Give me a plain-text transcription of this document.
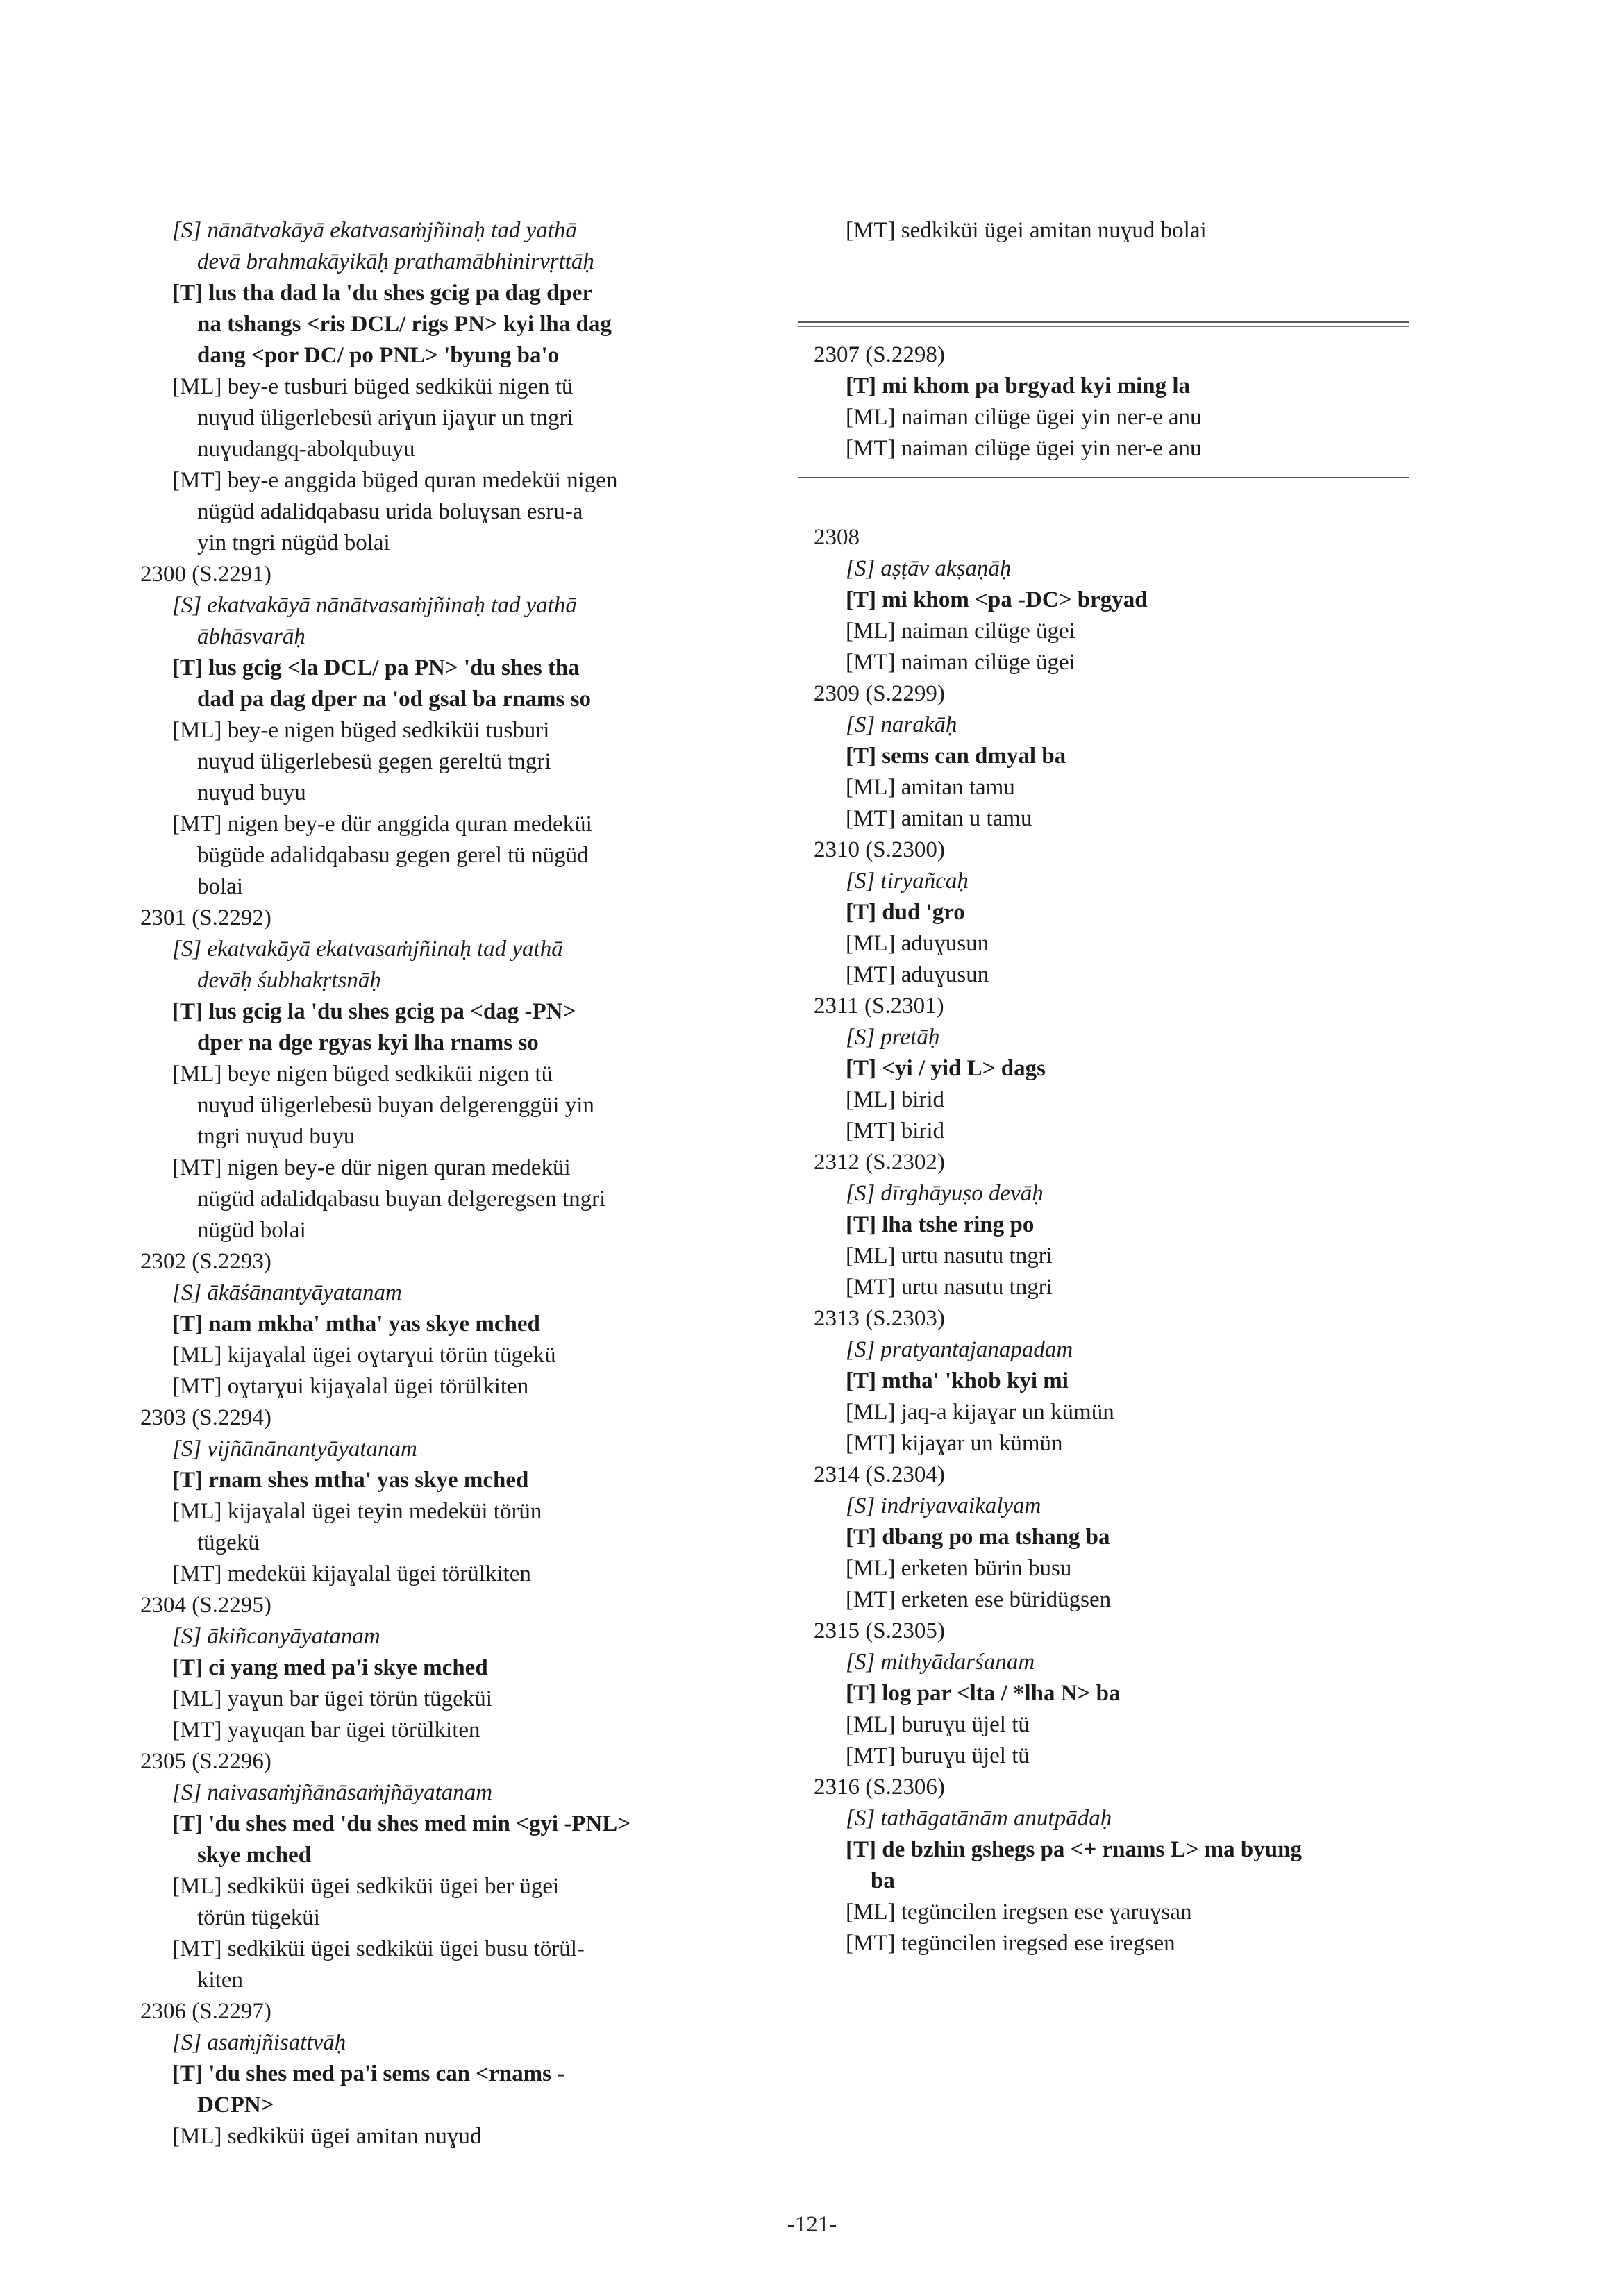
[S] nānātvakāyā ekatvasaṁjñinaḥ tad yathā
devā brahmakāyikāḥ prathamābhinirvṛttāḥ
[T] lus tha dad la 'du shes gcig pa dag dper
na tshangs <ris DCL/ rigs PN> kyi lha dag
dang <por DC/ po PNL> 'byung ba'o
[ML] bey-e tusburi büged sedkiküi nigen tü
nuɣud üligerlebesü ariɣun ijaɣur un tngri
nuɣudangq-abolqubuyu
[MT] bey-e anggida büged quran medeküi nigen
nügüd adalidqabasu urida boluɣsan esru-a
yin tngri nügüd bolai
2300 (S.2291)
[S] ekatvakāyā nānātvasaṁjñinaḥ tad yathā
ābhāsvarāḥ
[T] lus gcig <la DCL/ pa PN> 'du shes tha
dad pa dag dper na 'od gsal ba rnams so
[ML] bey-e nigen büged sedkiküi tusburi
nuɣud üligerlebesü gegen gereltü tngri
nuɣud buyu
[MT] nigen bey-e dür anggida quran medeküi
bügüde adalidqabasu gegen gerel tü nügüd
bolai
2301 (S.2292)
[S] ekatvakāyā ekatvasaṁjñinaḥ tad yathā
devāḥ śubhakṛtsnāḥ
[T] lus gcig la 'du shes gcig pa <dag -PN>
dper na dge rgyas kyi lha rnams so
[ML] beye nigen büged sedkiküi nigen tü
nuɣud üligerlebesü buyan delgerenggüi yin
tngri nuɣud buyu
[MT] nigen bey-e dür nigen quran medeküi
nügüd adalidqabasu buyan delgeregsen tngri
nügüd bolai
2302 (S.2293)
[S] ākāśānantyāyatanam
[T] nam mkha' mtha' yas skye mched
[ML] kijaɣalal ügei oɣtarɣui törün tügekü
[MT] oɣtarɣui kijaɣalal ügei törülkiten
2303 (S.2294)
[S] vijñānānantyāyatanam
[T] rnam shes mtha' yas skye mched
[ML] kijaɣalal ügei teyin medeküi törün
tügekü
[MT] medeküi kijaɣalal ügei törülkiten
2304 (S.2295)
[S] ākiñcanyāyatanam
[T] ci yang med pa'i skye mched
[ML] yaɣun bar ügei törün tügeküi
[MT] yaɣuqan bar ügei törülkiten
2305 (S.2296)
[S] naivasaṁjñānāsaṁjñāyatanam
[T] 'du shes med 'du shes med min <gyi -PNL>
skye mched
[ML] sedkiküi ügei sedkiküi ügei ber ügei
törün tügeküi
[MT] sedkiküi ügei sedkiküi ügei busu törül-
kiten
2306 (S.2297)
[S] asaṁjñisattvāḥ
[T] 'du shes med pa'i sems can <rnams -
DCPN>
[ML] sedkiküi ügei amitan nuɣud
[MT] sedkiküi ügei amitan nuɣud bolai
2307 (S.2298)
[T] mi khom pa brgyad kyi ming la
[ML] naiman cilüge ügei yin ner-e anu
[MT] naiman cilüge ügei yin ner-e anu
2308
[S] aṣṭāv akṣaṇāḥ
[T] mi khom <pa -DC> brgyad
[ML] naiman cilüge ügei
[MT] naiman cilüge ügei
2309 (S.2299)
[S] narakāḥ
[T] sems can dmyal ba
[ML] amitan tamu
[MT] amitan u tamu
2310 (S.2300)
[S] tiryañcaḥ
[T] dud 'gro
[ML] aduɣusun
[MT] aduɣusun
2311 (S.2301)
[S] pretāḥ
[T] <yi / yid L> dags
[ML] birid
[MT] birid
2312 (S.2302)
[S] dīrghāyuṣo devāḥ
[T] lha tshe ring po
[ML] urtu nasutu tngri
[MT] urtu nasutu tngri
2313 (S.2303)
[S] pratyantajanapadam
[T] mtha' 'khob kyi mi
[ML] jaq-a kijaɣar un kümün
[MT] kijaɣar un kümün
2314 (S.2304)
[S] indriyavaikalyam
[T] dbang po ma tshang ba
[ML] erketen bürin busu
[MT] erketen ese büridügsen
2315 (S.2305)
[S] mithyādarśanam
[T] log par <lta / *lha N> ba
[ML] buruɣu üjel tü
[MT] buruɣu üjel tü
2316 (S.2306)
[S] tathāgatānām anutpādaḥ
[T] de bzhin gshegs pa <+ rnams L> ma byung
ba
[ML] tegüncilen iregsen ese ɣaruɣsan
[MT] tegüncilen iregsed ese iregsen
-121-
